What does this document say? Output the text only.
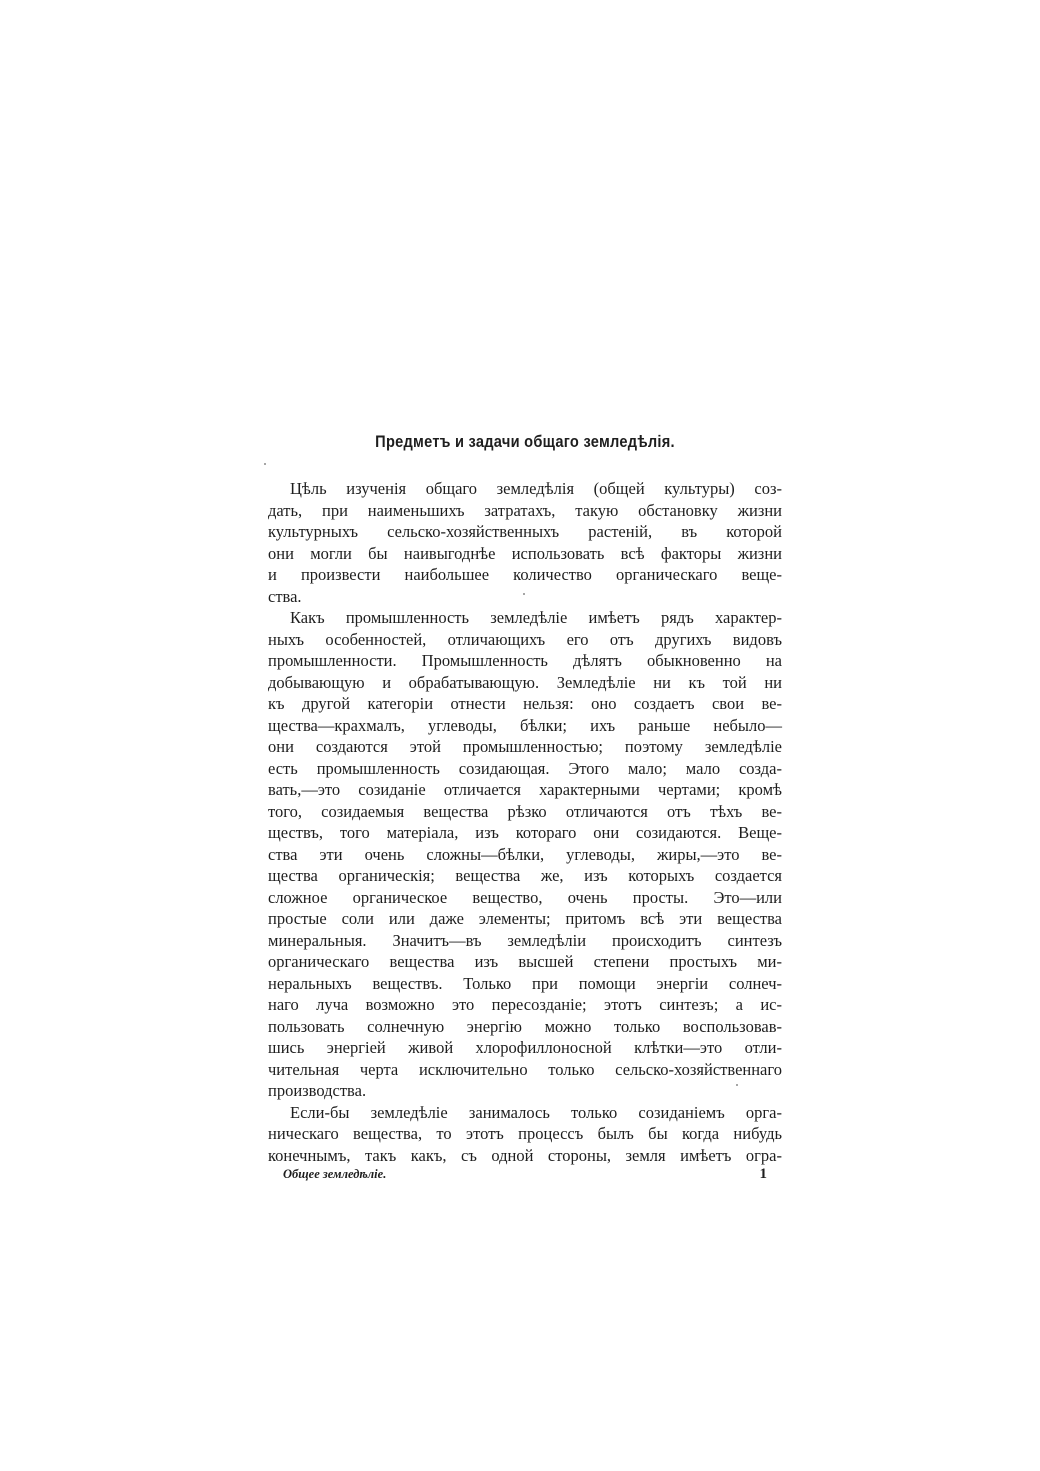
Предметъ и задачи общаго земледѣлія.
Цѣль изученія общаго земледѣлія (общей культуры) соз-
дать, при наименьшихъ затратахъ, такую обстановку жизни
культурныхъ сельско-хозяйственныхъ растеній, въ которой
они могли бы наивыгоднѣе использовать всѣ факторы жизни
и произвести наибольшее количество органическаго веще-
ства.
Какъ промышленность земледѣліе имѣетъ рядъ характер-
ныхъ особенностей, отличающихъ его отъ другихъ видовъ
промышленности. Промышленность дѣлятъ обыкновенно на
добывающую и обрабатывающую. Земледѣліе ни къ той ни
къ другой категоріи отнести нельзя: оно создаетъ свои ве-
щества—крахмалъ, углеводы, бѣлки; ихъ раньше небыло—
они создаются этой промышленностью; поэтому земледѣліе
есть промышленность созидающая. Этого мало; мало созда-
вать,—это созиданіе отличается характерными чертами; кромѣ
того, созидаемыя вещества рѣзко отличаются отъ тѣхъ ве-
ществъ, того матеріала, изъ котораго они созидаются. Веще-
ства эти очень сложны—бѣлки, углеводы, жиры,—это ве-
щества органическія; вещества же, изъ которыхъ создается
сложное органическое вещество, очень просты. Это—или
простые соли или даже элементы; притомъ всѣ эти вещества
минеральныя. Значитъ—въ земледѣліи происходитъ синтезъ
органическаго вещества изъ высшей степени простыхъ ми-
неральныхъ веществъ. Только при помощи энергіи солнеч-
наго луча возможно это пересозданіе; этотъ синтезъ; а ис-
пользовать солнечную энергію можно только воспользовав-
шись энергіей живой хлорофиллоносной клѣтки—это отли-
чительная черта исключительно только сельско-хозяйственнаго
производства.
Если-бы земледѣліе занималось только созиданіемъ орга-
ническаго вещества, то этотъ процессъ былъ бы когда нибудь
конечнымъ, такъ какъ, съ одной стороны, земля имѣетъ огра-
Общее земледѣліе.	1
